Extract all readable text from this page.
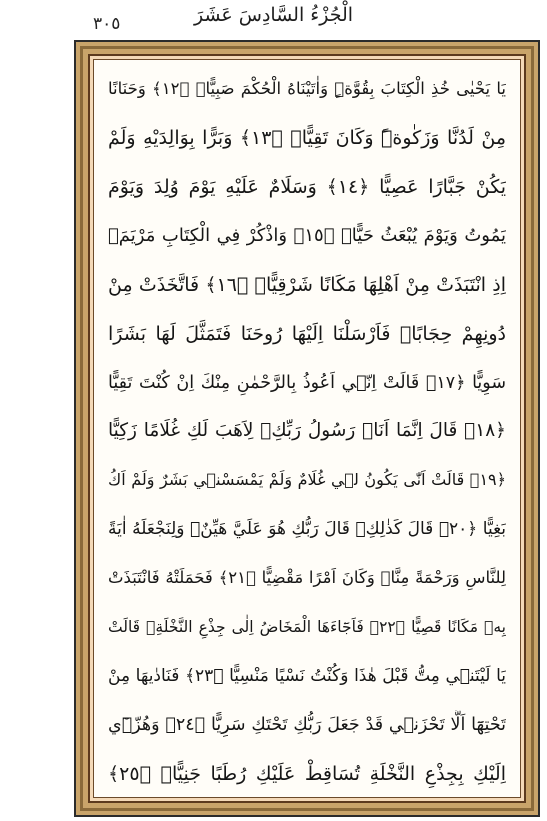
٣٠٥	الْجُزْءُ السَّادِسَ عَشَرَ
يَا يَحْيٰى خُذِ الْكِتَابَ بِقُوَّةٍۜ وَاٰتَيْنَاهُ الْحُكْمَ صَبِيًّاۙ ﴿١٢﴾ وَحَنَانًا
مِنْ لَدُنَّا وَزَكٰوةًۜ وَكَانَ تَقِيًّاۙ ﴿١٣﴾ وَبَرًّا بِوَالِدَيْهِ وَلَمْ
يَكُنْ جَبَّارًا عَصِيًّا ﴿١٤﴾ وَسَلَامٌ عَلَيْهِ يَوْمَ وُلِدَ وَيَوْمَ
يَمُوتُ وَيَوْمَ يُبْعَثُ حَيًّا۟ ﴿١٥﴾ وَاذْكُرْ فِي الْكِتَابِ مَرْيَمَۢ
اِذِ انْتَبَذَتْ مِنْ اَهْلِهَا مَكَانًا شَرْقِيًّاۙ ﴿١٦﴾ فَاتَّخَذَتْ مِنْ
دُونِهِمْ حِجَابًاۗ فَاَرْسَلْنَا اِلَيْهَا رُوحَنَا فَتَمَثَّلَ لَهَا بَشَرًا
سَوِيًّا ﴿١٧﴾ قَالَتْ اِنّ۪ي اَعُوذُ بِالرَّحْمٰنِ مِنْكَ اِنْ كُنْتَ تَقِيًّا
﴿١٨﴾ قَالَ اِنَّمَا اَنَا۬ رَسُولُ رَبِّكِۗ لِاَهَبَ لَكِ غُلَامًا زَكِيًّا
﴿١٩﴾ قَالَتْ اَنّٰى يَكُونُ ل۪ي غُلَامٌ وَلَمْ يَمْسَسْن۪ي بَشَرٌ وَلَمْ اَكُ
بَغِيًّا ﴿٢٠﴾ قَالَ كَذٰلِكِۚ قَالَ رَبُّكِ هُوَ عَلَيَّ هَيِّنٌۚ وَلِنَجْعَلَهُ اٰيَةً
لِلنَّاسِ وَرَحْمَةً مِنَّاۚ وَكَانَ اَمْرًا مَقْضِيًّا ﴿٢١﴾ فَحَمَلَتْهُ فَانْتَبَذَتْ
بِه۪ مَكَانًا قَصِيًّا ﴿٢٢﴾ فَاَجَٓاءَهَا الْمَخَاضُ اِلٰى جِذْعِ النَّخْلَةِۚ قَالَتْ
يَا لَيْتَن۪ي مِتُّ قَبْلَ هٰذَا وَكُنْتُ نَسْيًا مَنْسِيًّا ﴿٢٣﴾ فَنَادٰيهَا مِنْ
تَحْتِهَٓا اَلَّا تَحْزَن۪ي قَدْ جَعَلَ رَبُّكِ تَحْتَكِ سَرِيًّا ﴿٢٤﴾ وَهُزّ۪ٓي
اِلَيْكِ بِجِذْعِ النَّخْلَةِ تُسَاقِطْ عَلَيْكِ رُطَبًا جَنِيًّاۘ ﴿٢٥﴾
